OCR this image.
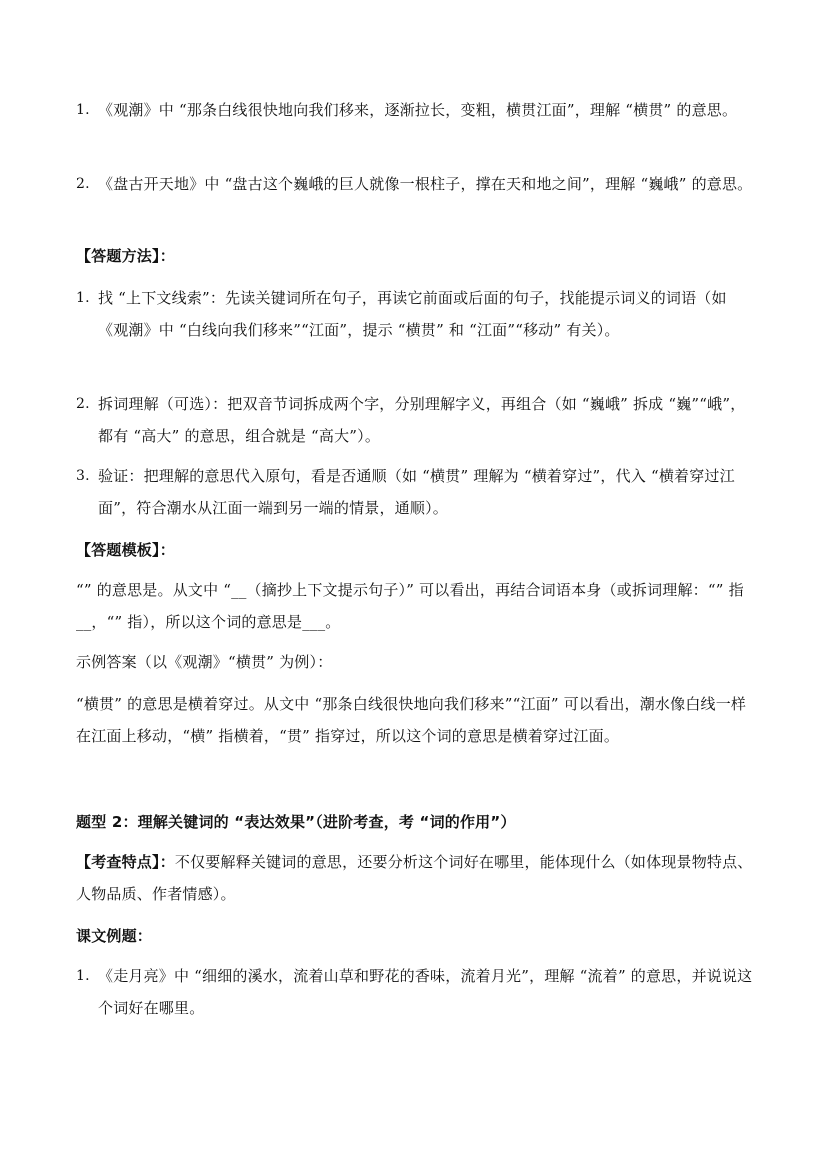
1. 《观潮》中 “那条白线很快地向我们移来，逐渐拉长，变粗，横贯江面”，理解 “横贯” 的意思。
2. 《盘古开天地》中 “盘古这个巍峨的巨人就像一根柱子，撑在天和地之间”，理解 “巍峨” 的意思。
【答题方法】：
1. 找 “上下文线索”：先读关键词所在句子，再读它前面或后面的句子，找能提示词义的词语（如《观潮》中 “白线向我们移来”“江面”，提示 “横贯” 和 “江面”“移动” 有关）。
2. 拆词理解（可选）：把双音节词拆成两个字，分别理解字义，再组合（如 “巍峨” 拆成 “巍”“峨”，都有 “高大” 的意思，组合就是 “高大”）。
3. 验证：把理解的意思代入原句，看是否通顺（如 “横贯” 理解为 “横着穿过”，代入 “横着穿过江面”，符合潮水从江面一端到另一端的情景，通顺）。
【答题模板】：
“” 的意思是。从文中 “__（摘抄上下文提示句子）” 可以看出，再结合词语本身（或拆词理解：“” 指__，“” 指），所以这个词的意思是___。
示例答案（以《观潮》“横贯” 为例）：
“横贯” 的意思是横着穿过。从文中 “那条白线很快地向我们移来”“江面” 可以看出，潮水像白线一样在江面上移动，“横” 指横着，“贯” 指穿过，所以这个词的意思是横着穿过江面。
题型 2：理解关键词的 “表达效果”（进阶考查，考 “词的作用”）
【考查特点】：不仅要解释关键词的意思，还要分析这个词好在哪里，能体现什么（如体现景物特点、人物品质、作者情感）。
课文例题：
1. 《走月亮》中 “细细的溪水，流着山草和野花的香味，流着月光”，理解 “流着” 的意思，并说说这个词好在哪里。
